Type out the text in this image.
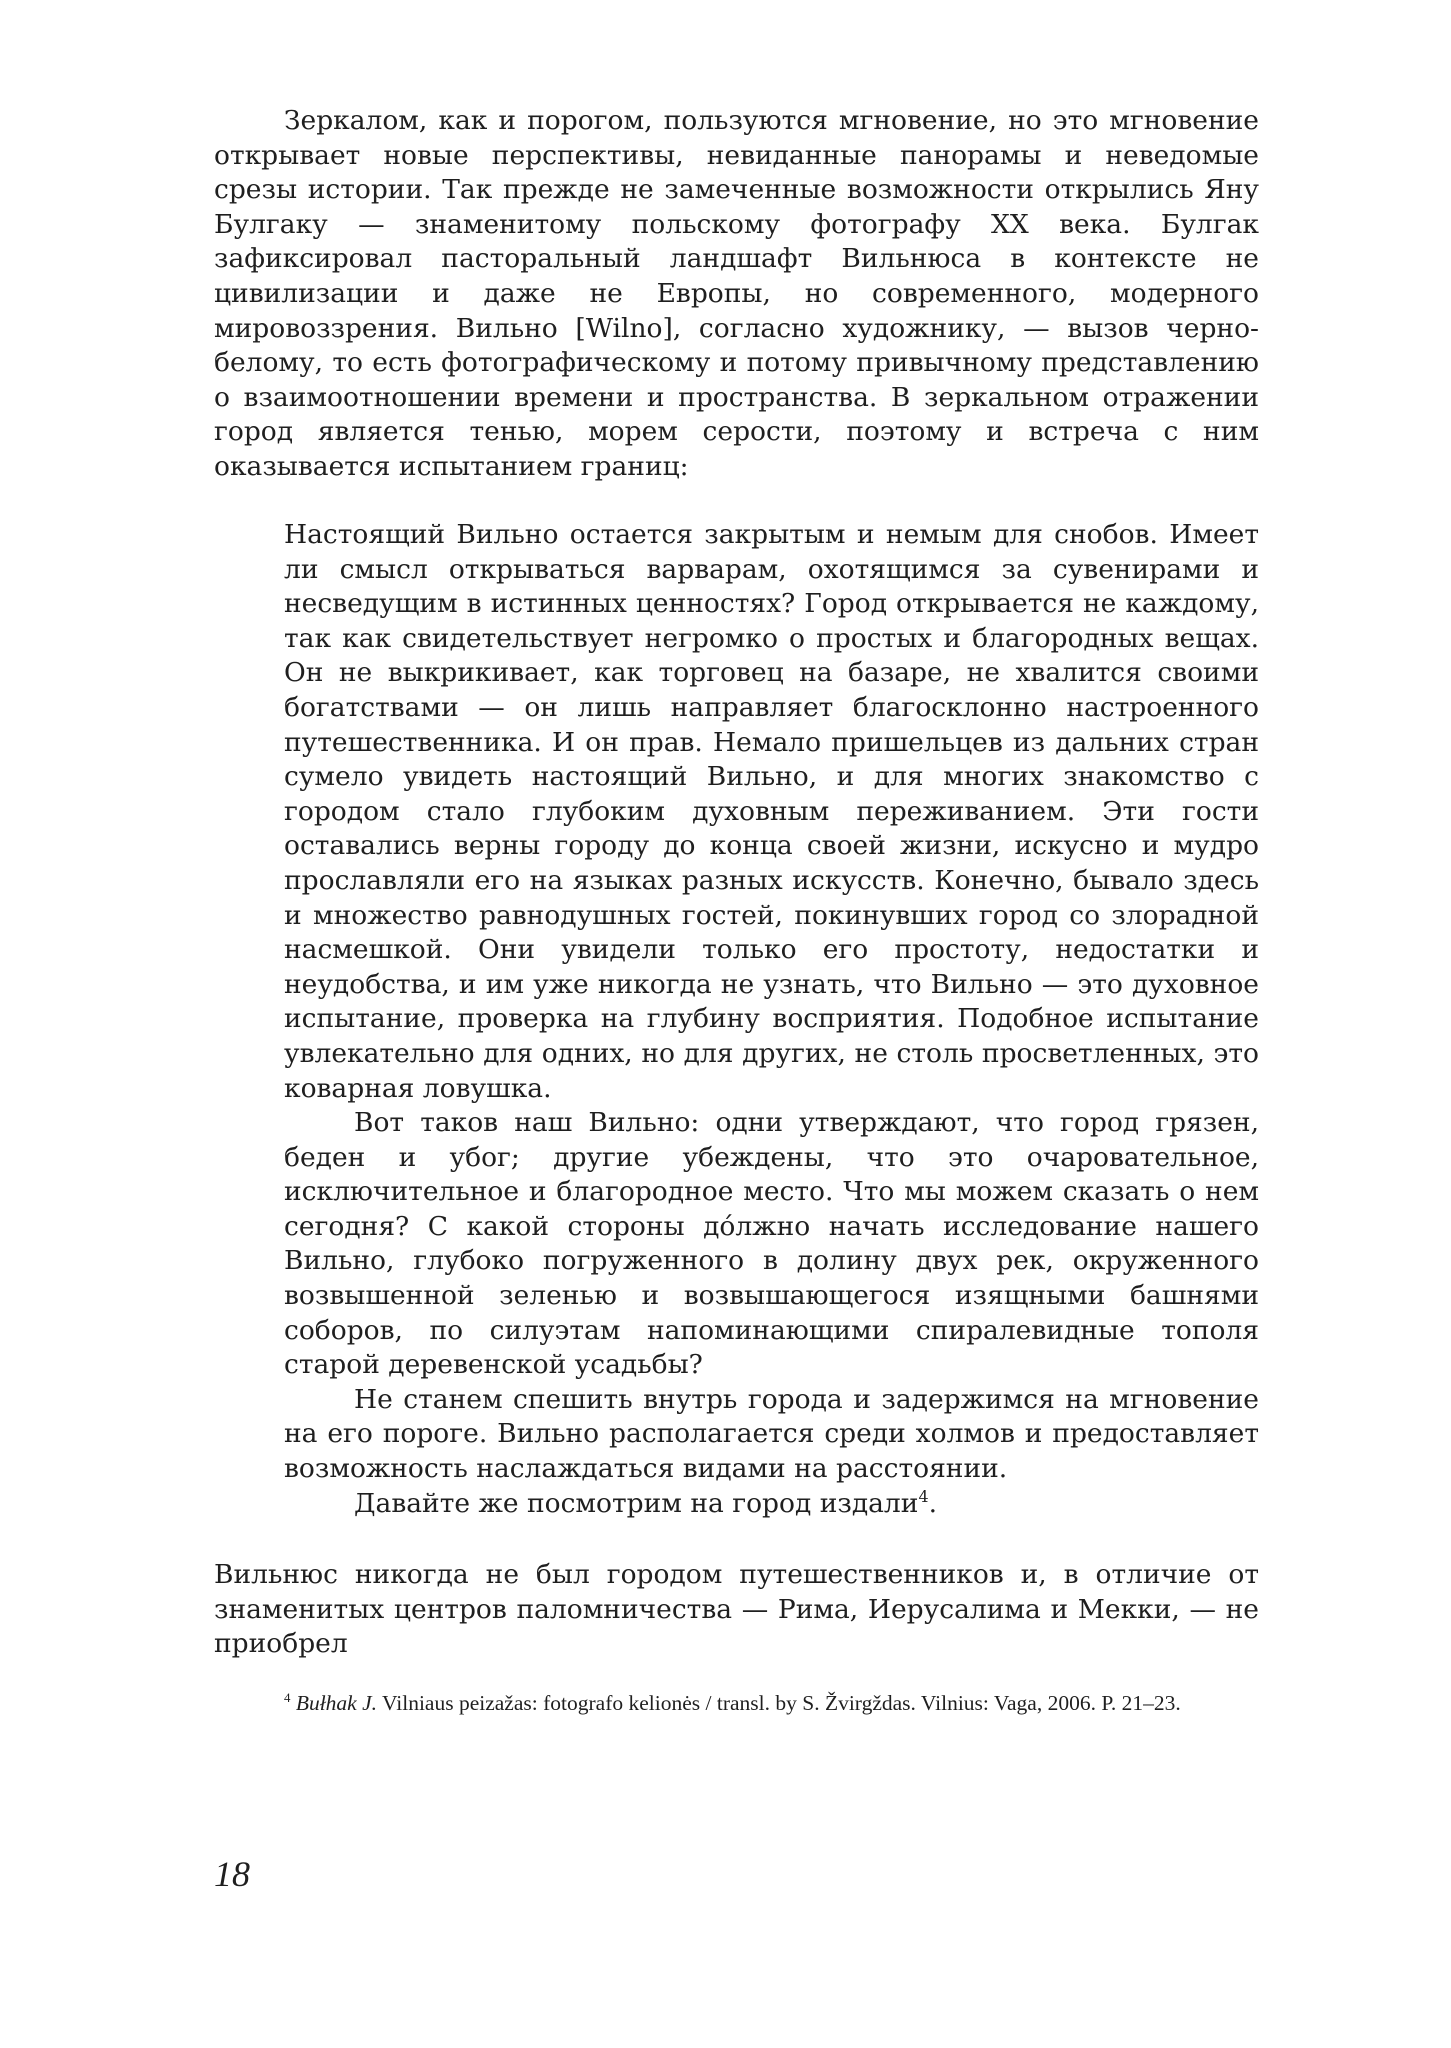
Зеркалом, как и порогом, пользуются мгновение, но это мгновение открывает новые перспективы, невиданные панорамы и неведомые срезы истории. Так прежде не замеченные возможности открылись Яну Булгаку — знаменитому польскому фотографу XX века. Булгак зафиксировал пасторальный ландшафт Вильнюса в контексте не цивилизации и даже не Европы, но современного, модерного мировоззрения. Вильно [Wilno], согласно художнику, — вызов черно-белому, то есть фотографическому и потому привычному представлению о взаимоотношении времени и пространства. В зеркальном отражении город является тенью, морем серости, поэтому и встреча с ним оказывается испытанием границ:

Настоящий Вильно остается закрытым и немым для снобов. Имеет ли смысл открываться варварам, охотящимся за сувенирами и несведущим в истинных ценностях? Город открывается не каждому, так как свидетельствует негромко о простых и благородных вещах. Он не выкрикивает, как торговец на базаре, не хвалится своими богатствами — он лишь направляет благосклонно настроенного путешественника. И он прав. Немало пришельцев из дальних стран сумело увидеть настоящий Вильно, и для многих знакомство с городом стало глубоким духовным переживанием. Эти гости оставались верны городу до конца своей жизни, искусно и мудро прославляли его на языках разных искусств. Конечно, бывало здесь и множество равнодушных гостей, покинувших город со злорадной насмешкой. Они увидели только его простоту, недостатки и неудобства, и им уже никогда не узнать, что Вильно — это духовное испытание, проверка на глубину восприятия. Подобное испытание увлекательно для одних, но для других, не столь просветленных, это коварная ловушка.

Вот таков наш Вильно: одни утверждают, что город грязен, беден и убог; другие убеждены, что это очаровательное, исключительное и благородное место. Что мы можем сказать о нем сегодня? С какой стороны до́лжно начать исследование нашего Вильно, глубоко погруженного в долину двух рек, окруженного возвышенной зеленью и возвышающегося изящными башнями соборов, по силуэтам напоминающими спиралевидные тополя старой деревенской усадьбы?

Не станем спешить внутрь города и задержимся на мгновение на его пороге. Вильно располагается среди холмов и предоставляет возможность наслаждаться видами на расстоянии.

Давайте же посмотрим на город издали$^4$.

Вильнюс никогда не был городом путешественников и, в отличие от знаменитых центров паломничества — Рима, Иерусалима и Мекки, — не приобрел

$^4$ Bułhak J. Vilniaus peizažas: fotografo kelionės / transl. by S. Žvirgždas. Vilnius: Vaga, 2006. P. 21–23.
18
